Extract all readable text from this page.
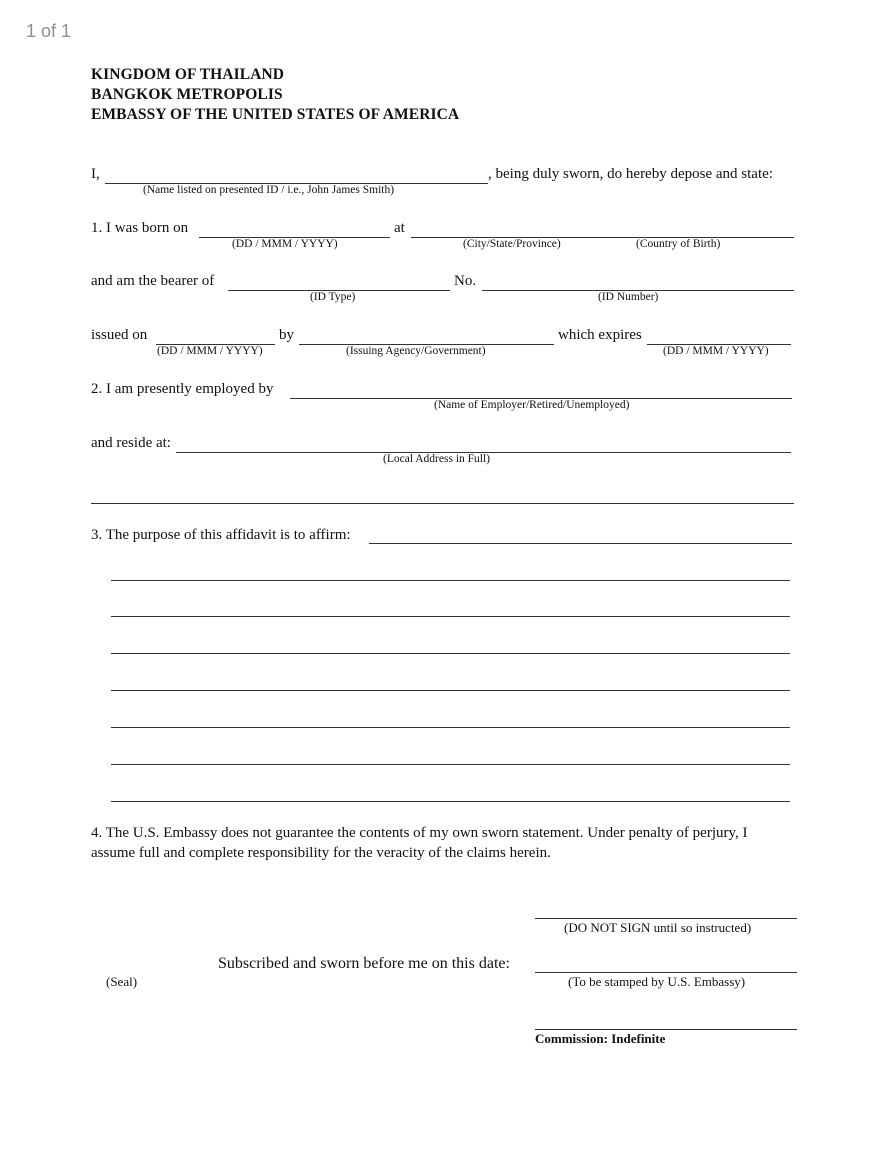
1 of 1
KINGDOM OF THAILAND
BANGKOK METROPOLIS
EMBASSY OF THE UNITED STATES OF AMERICA
I,	, being duly sworn, do hereby depose and state:
(Name listed on presented ID / i.e., John James Smith)
1. I was born on	at
(DD / MMM / YYYY)	(City/State/Province)	(Country of Birth)
and am the bearer of	No.
(ID Type)	(ID Number)
issued on	by	which expires
(DD / MMM / YYYY)	(Issuing Agency/Government)	(DD / MMM / YYYY)
2. I am presently employed by
(Name of Employer/Retired/Unemployed)
and reside at:
(Local Address in Full)
3. The purpose of this affidavit is to affirm:
4. The U.S. Embassy does not guarantee the contents of my own sworn statement. Under penalty of perjury, I
assume full and complete responsibility for the veracity of the claims herein.
(DO NOT SIGN until so instructed)
Subscribed and sworn before me on this date:
(Seal)	(To be stamped by U.S. Embassy)
Commission: Indefinite
